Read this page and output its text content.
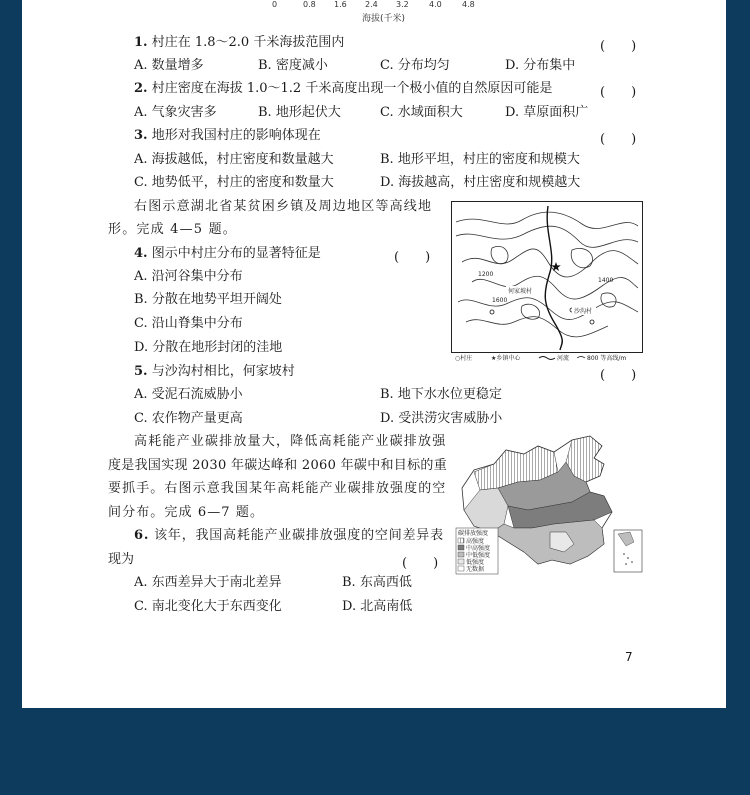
0	0.8 1.6 2.4 3.2	4.0	4.8
海拔(千米)
1. 村庄在 1.8～2.0 千米海拔范围内	(　　)
A. 数量增多	B. 密度减小	C. 分布均匀	D. 分布集中
2. 村庄密度在海拔 1.0～1.2 千米高度出现一个极小值的自然原因可能是	(　　)
A. 气象灾害多	B. 地形起伏大	C. 水域面积大	D. 草原面积广
3. 地形对我国村庄的影响体现在	(　　)
A. 海拔越低，村庄密度和数量越大	B. 地形平坦，村庄的密度和规模大
C. 地势低平，村庄的密度和数量大	D. 海拔越高，村庄密度和规模越大
右图示意湖北省某贫困乡镇及周边地区等高线地
形。完成 4—5 题。
4. 图示中村庄分布的显著特征是	(　　)
A. 沿河谷集中分布
B. 分散在地势平坦开阔处
C. 沿山脊集中分布
D. 分散在地形封闭的洼地
何家坡村
沙沟村
1200
1600
1400
○村庄	★乡镇中心	河流	800 等高线/m
5. 与沙沟村相比，何家坡村	(　　)
A. 受泥石流威胁小	B. 地下水水位更稳定
C. 农作物产量更高	D. 受洪涝灾害威胁小
高耗能产业碳排放量大，降低高耗能产业碳排放强
度是我国实现 2030 年碳达峰和 2060 年碳中和目标的重
要抓手。右图示意我国某年高耗能产业碳排放强度的空
间分布。完成 6—7 题。
6. 该年，我国高耗能产业碳排放强度的空间差异表
现为	(　　)
A. 东西差异大于南北差异	B. 东高西低
C. 南北变化大于东西变化	D. 北高南低
碳排放强度
高强度
中高强度
中低强度
低强度
无数据
7
